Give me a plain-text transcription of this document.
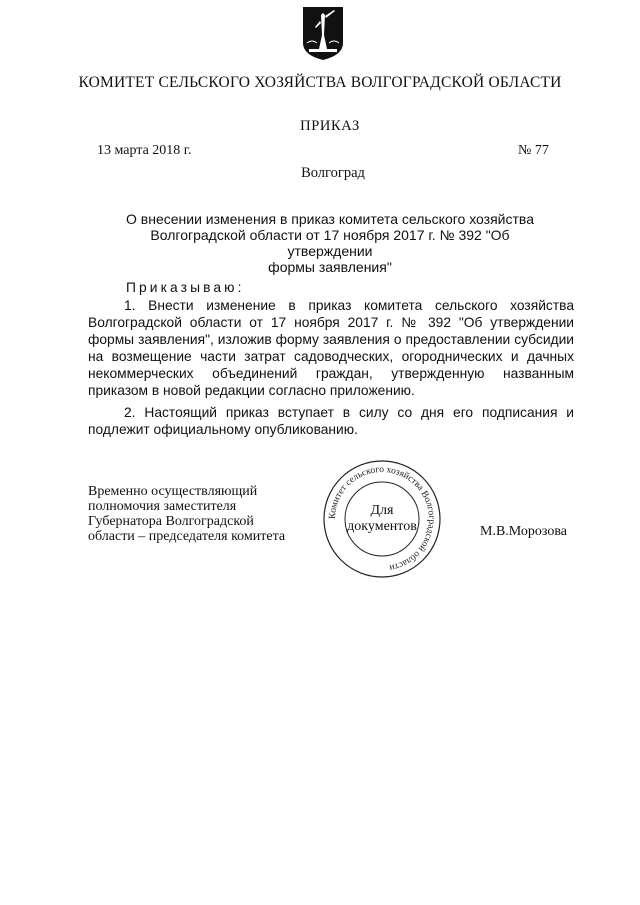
КОМИТЕТ СЕЛЬСКОГО ХОЗЯЙСТВА ВОЛГОГРАДСКОЙ ОБЛАСТИ
ПРИКАЗ
13 марта 2018 г.	№ 77
Волгоград
О внесении изменения в приказ комитета сельского хозяйства
Волгоградской области от 17 ноября 2017 г. № 392 "Об утверждении
формы заявления"
Приказываю:
1. Внести изменение в приказ комитета сельского хозяйства Волгоградской области от 17 ноября 2017 г. № 392 "Об утверждении формы заявления", изложив форму заявления о предоставлении субсидии на возмещение части затрат садоводческих, огороднических и дачных некоммерческих объединений граждан, утвержденную названным приказом в новой редакции согласно приложению.
2. Настоящий приказ вступает в силу со дня его подписания и подлежит официальному опубликованию.
Временно осуществляющий
полномочия заместителя
Губернатора Волгоградской
области – председателя комитета
Комитет сельского хозяйства Волгоградской области
Для
документов	М.В.Морозова
